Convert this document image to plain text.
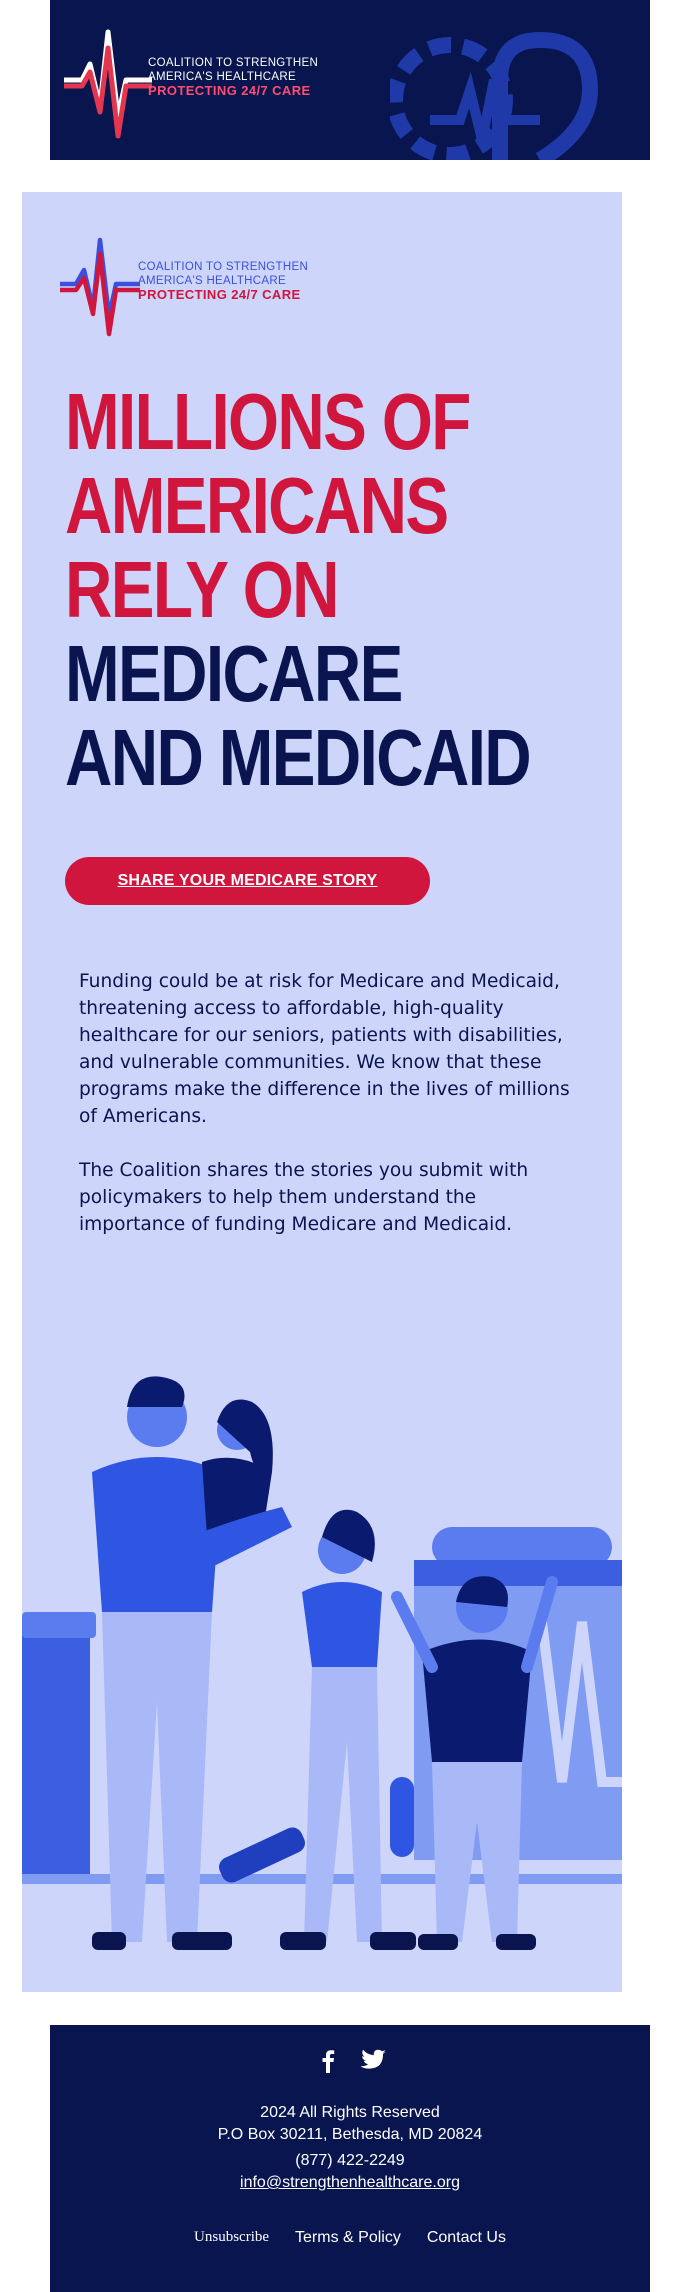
COALITION TO STRENGTHEN
AMERICA'S HEALTHCARE
PROTECTING 24/7 CARE
COALITION TO STRENGTHEN
AMERICA'S HEALTHCARE
PROTECTING 24/7 CARE
MILLIONS OF
AMERICANS
RELY ON
MEDICARE
AND MEDICAID
SHARE YOUR MEDICARE STORY

Funding could be at risk for Medicare and Medicaid, threatening access to affordable, high-quality healthcare for our seniors, patients with disabilities, and vulnerable communities. We know that these programs make the difference in the lives of millions of Americans.

The Coalition shares the stories you submit with policymakers to help them understand the importance of funding Medicare and Medicaid.

2024 All Rights Reserved
P.O Box 30211, Bethesda, MD 20824
(877) 422-2249
info@strengthenhealthcare.org
Unsubscribe Terms & Policy Contact Us
